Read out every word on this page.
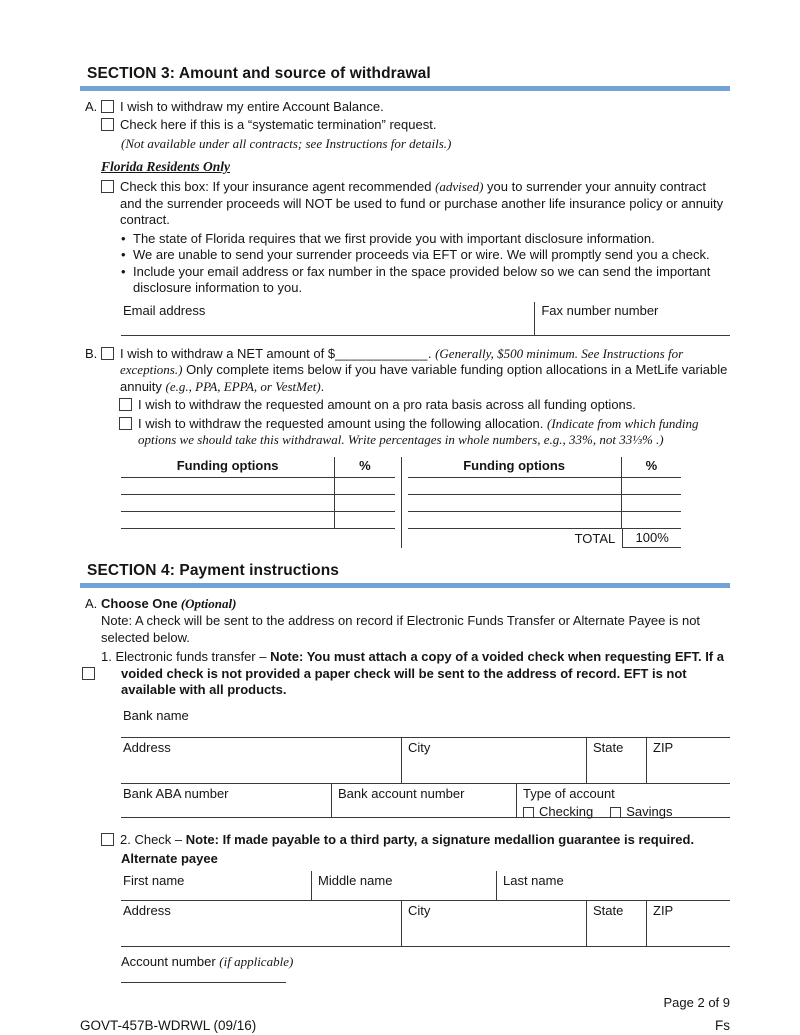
SECTION 3: Amount and source of withdrawal
A. I wish to withdraw my entire Account Balance.
Check here if this is a “systematic termination” request.
(Not available under all contracts; see Instructions for details.)
Florida Residents Only
Check this box: If your insurance agent recommended (advised) you to surrender your annuity contract and the surrender proceeds will NOT be used to fund or purchase another life insurance policy or annuity contract.
• The state of Florida requires that we first provide you with important disclosure information.
• We are unable to send your surrender proceeds via EFT or wire. We will promptly send you a check.
• Include your email address or fax number in the space provided below so we can send the important disclosure information to you.
Email address	Fax number number
B. I wish to withdraw a NET amount of $____________. (Generally, $500 minimum. See Instructions for exceptions.) Only complete items below if you have variable funding option allocations in a MetLife variable annuity (e.g., PPA, EPPA, or VestMet).
I wish to withdraw the requested amount on a pro rata basis across all funding options.
I wish to withdraw the requested amount using the following allocation. (Indicate from which funding options we should take this withdrawal. Write percentages in whole numbers, e.g., 33%, not 33⅓% .)
Funding options	%	Funding options	%
TOTAL	100%
SECTION 4: Payment instructions
A. Choose One (Optional)
Note: A check will be sent to the address on record if Electronic Funds Transfer or Alternate Payee is not selected below.
1. Electronic funds transfer – Note: You must attach a copy of a voided check when requesting EFT. If a voided check is not provided a paper check will be sent to the address of record. EFT is not available with all products.
Bank name
Address	City	State	ZIP
Bank ABA number	Bank account number	Type of account
Checking	Savings
2. Check – Note: If made payable to a third party, a signature medallion guarantee is required.
Alternate payee
First name	Middle name	Last name
Address	City	State	ZIP
Account number (if applicable)
Page 2 of 9
GOVT-457B-WDRWL (09/16)	Fs
